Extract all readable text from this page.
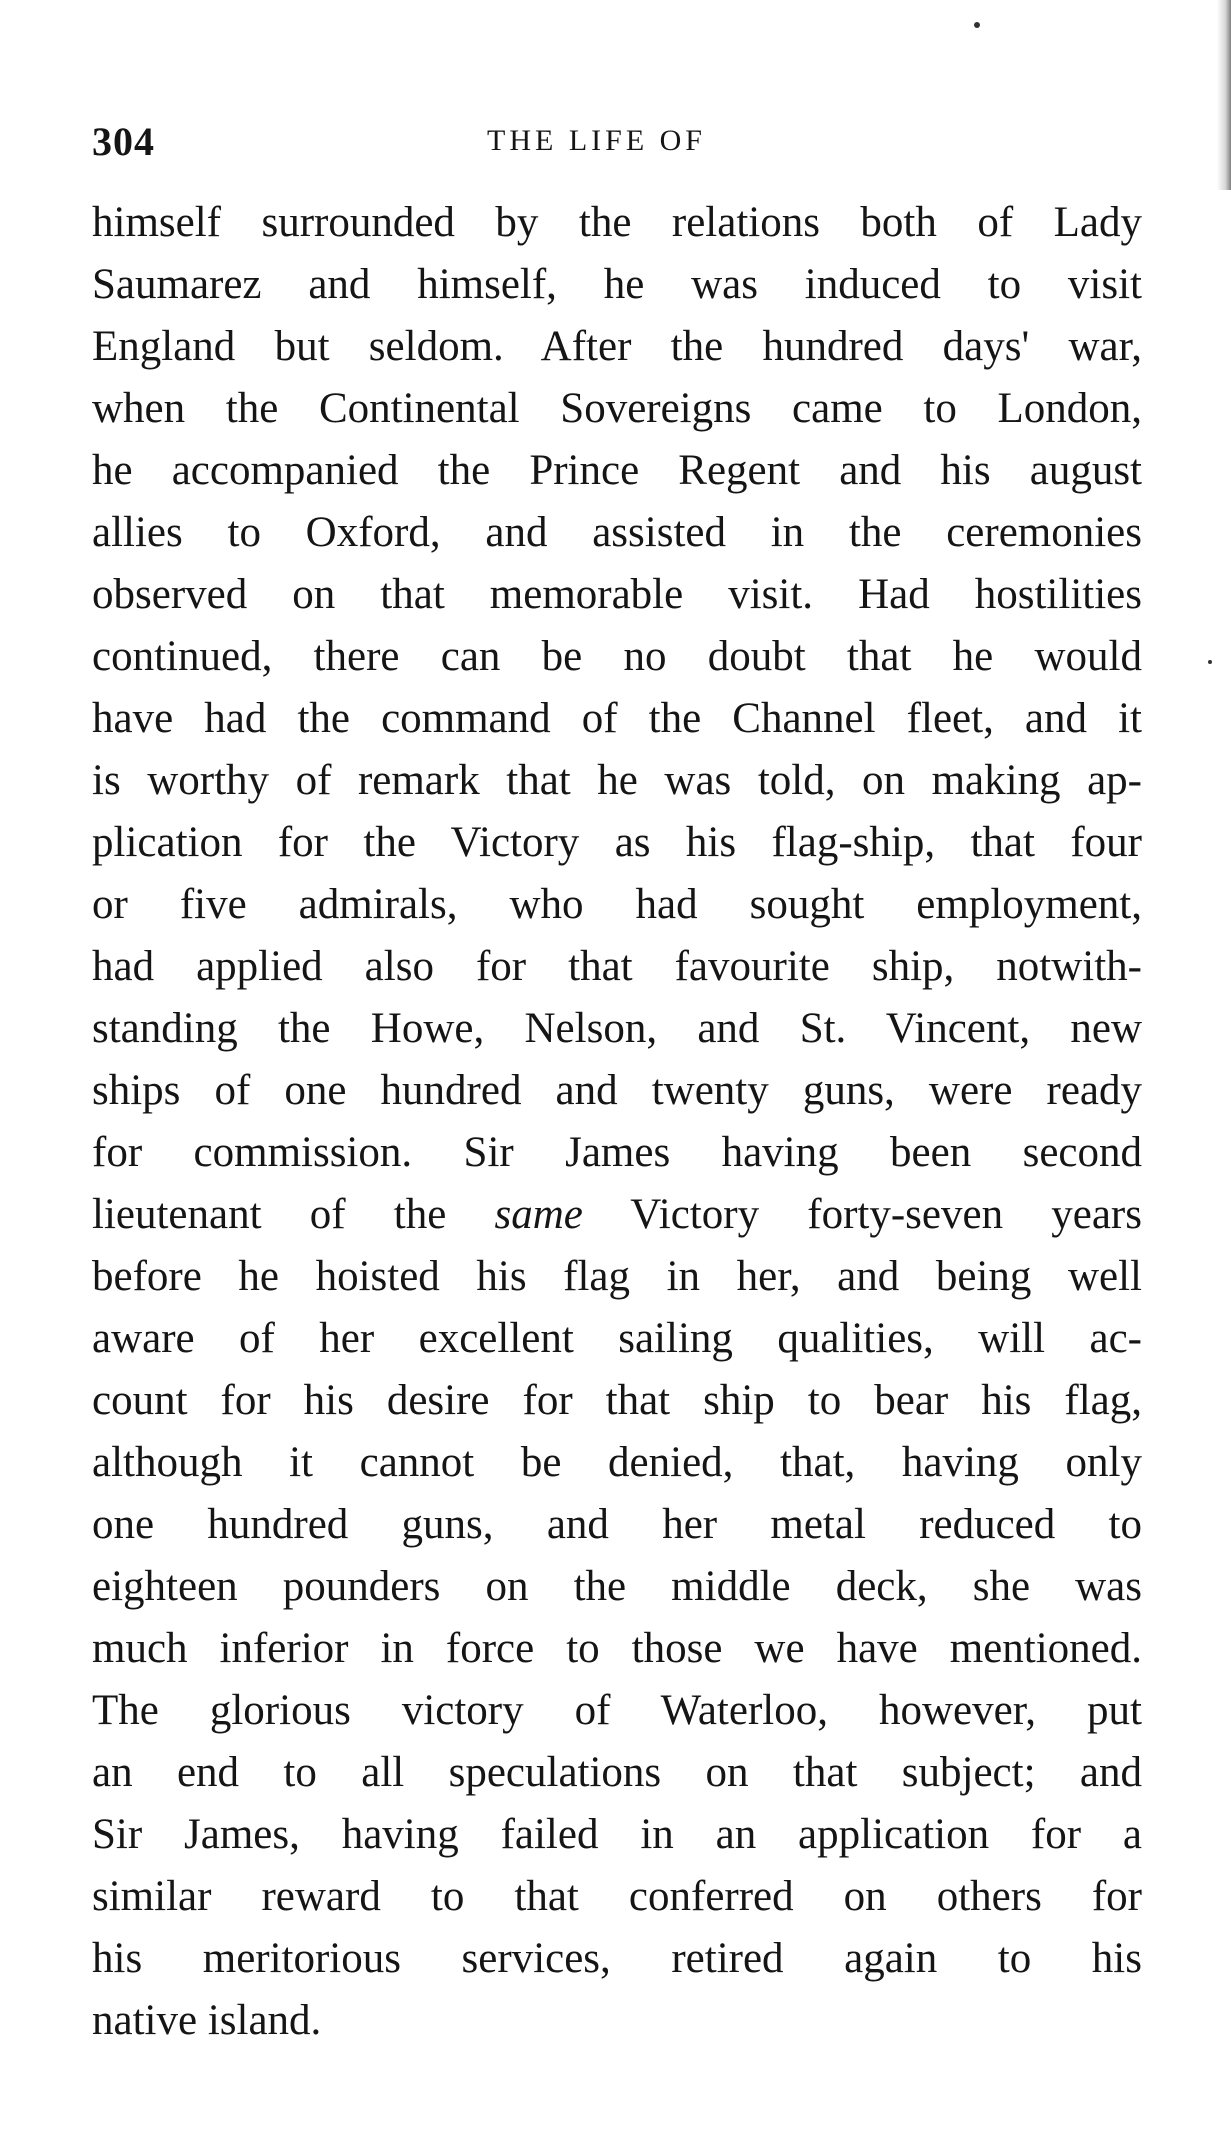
304	THE LIFE OF
himself surrounded by the relations both of Lady
Saumarez and himself, he was induced to visit
England but seldom. After the hundred days' war,
when the Continental Sovereigns came to London,
he accompanied the Prince Regent and his august
allies to Oxford, and assisted in the ceremonies
observed on that memorable visit. Had hostilities
continued, there can be no doubt that he would
have had the command of the Channel fleet, and it
is worthy of remark that he was told, on making ap-
plication for the Victory as his flag-ship, that four
or five admirals, who had sought employment,
had applied also for that favourite ship, notwith-
standing the Howe, Nelson, and St. Vincent, new
ships of one hundred and twenty guns, were ready
for commission. Sir James having been second
lieutenant of the same Victory forty-seven years
before he hoisted his flag in her, and being well
aware of her excellent sailing qualities, will ac-
count for his desire for that ship to bear his flag,
although it cannot be denied, that, having only
one hundred guns, and her metal reduced to
eighteen pounders on the middle deck, she was
much inferior in force to those we have mentioned.
The glorious victory of Waterloo, however, put
an end to all speculations on that subject; and
Sir James, having failed in an application for a
similar reward to that conferred on others for
his meritorious services, retired again to his
native island.
